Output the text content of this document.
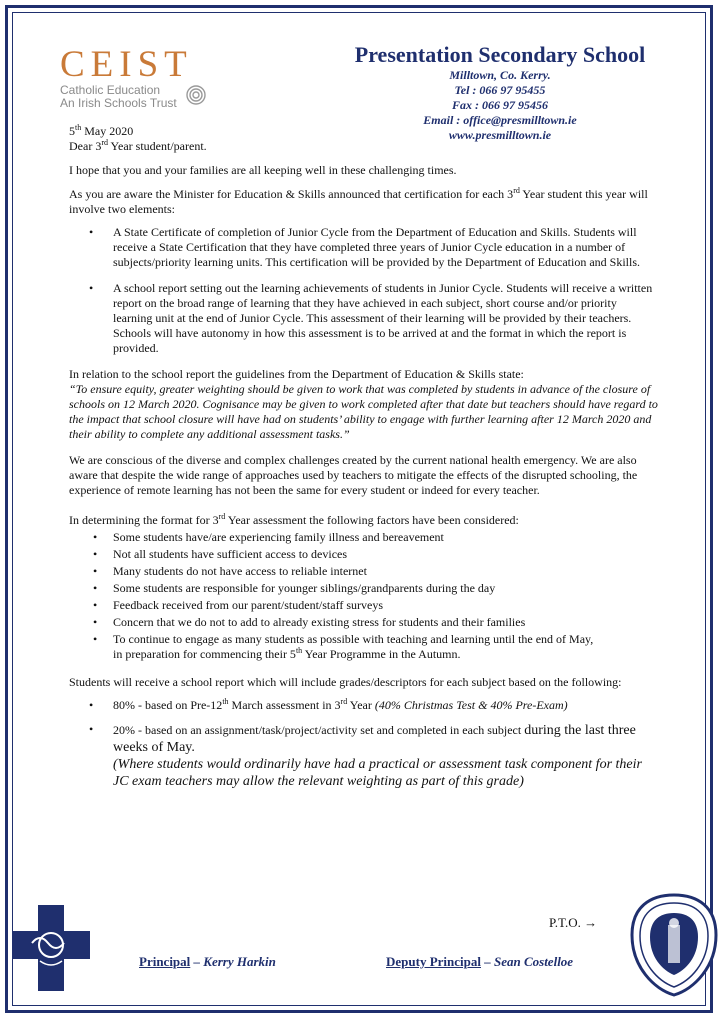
CEIST
Catholic Education
An Irish Schools Trust
Presentation Secondary School
Milltown, Co. Kerry.
Tel : 066 97 95455
Fax : 066 97 95456
Email : office@presmilltown.ie
www.presmilltown.ie

5th May 2020

Dear 3rd Year student/parent.

I hope that you and your families are all keeping well in these challenging times.

As you are aware the Minister for Education & Skills announced that certification for each 3rd Year student this year will involve two elements:

• A State Certificate of completion of Junior Cycle from the Department of Education and Skills. Students will receive a State Certification that they have completed three years of Junior Cycle education in a number of subjects/priority learning units. This certification will be provided by the Department of Education and Skills.
• A school report setting out the learning achievements of students in Junior Cycle. Students will receive a written report on the broad range of learning that they have achieved in each subject, short course and/or priority learning unit at the end of Junior Cycle. This assessment of their learning will be provided by their teachers. Schools will have autonomy in how this assessment is to be arrived at and the format in which the report is provided.

In relation to the school report the guidelines from the Department of Education & Skills state:

“To ensure equity, greater weighting should be given to work that was completed by students in advance of the closure of schools on 12 March 2020. Cognisance may be given to work completed after that date but teachers should have regard to the impact that school closure will have had on students’ ability to engage with further learning after 12 March 2020 and their ability to complete any additional assessment tasks.”

We are conscious of the diverse and complex challenges created by the current national health emergency. We are also aware that despite the wide range of approaches used by teachers to mitigate the effects of the disrupted schooling, the experience of remote learning has not been the same for every student or indeed for every teacher.

In determining the format for 3rd Year assessment the following factors have been considered:

• Some students have/are experiencing family illness and bereavement
• Not all students have sufficient access to devices
• Many students do not have access to reliable internet
• Some students are responsible for younger siblings/grandparents during the day
• Feedback received from our parent/student/staff surveys
• Concern that we do not to add to already existing stress for students and their families
• To continue to engage as many students as possible with teaching and learning until the end of May,
in preparation for commencing their 5th Year Programme in the Autumn.

Students will receive a school report which will include grades/descriptors for each subject based on the following:

• 80% - based on Pre-12th March assessment in 3rd Year (40% Christmas Test & 40% Pre-Exam)
• 20% - based on an assignment/task/project/activity set and completed in each subject during the last three weeks of May.

(Where students would ordinarily have had a practical or assessment task component for their JC exam teachers may allow the relevant weighting as part of this grade)

P.T.O. →
Principal – Kerry Harkin	Deputy Principal – Sean Costelloe
